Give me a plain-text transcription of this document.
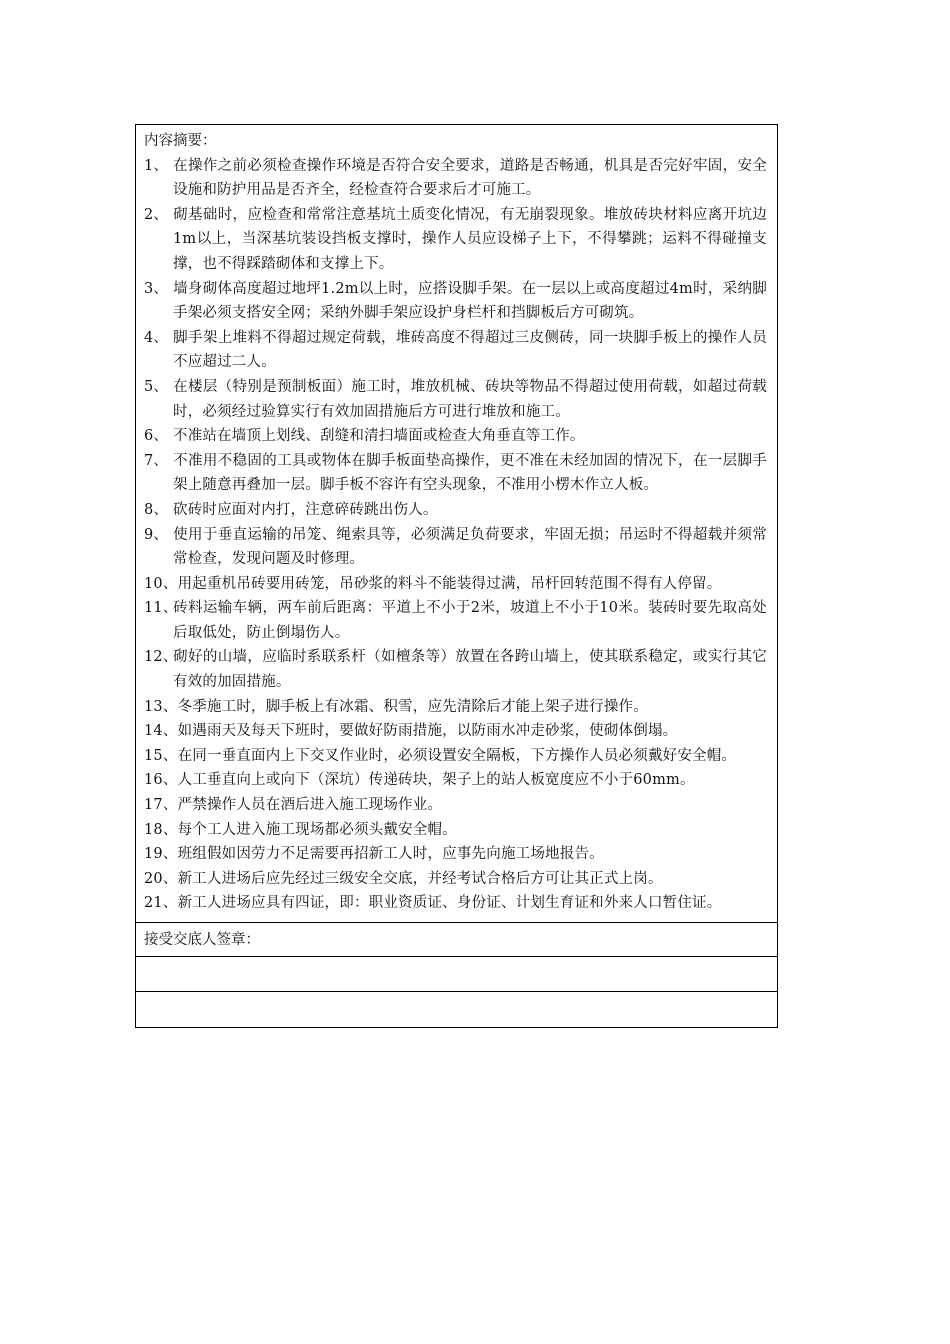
内容摘要：
1、 在操作之前必须检查操作环境是否符合安全要求，道路是否畅通，机具是否完好牢固，安全设施和防护用品是否齐全，经检查符合要求后才可施工。
2、 砌基础时，应检查和常常注意基坑土质变化情况，有无崩裂现象。堆放砖块材料应离开坑边1m以上，当深基坑装设挡板支撑时，操作人员应设梯子上下，不得攀跳；运料不得碰撞支撑，也不得踩踏砌体和支撑上下。
3、 墙身砌体高度超过地坪1.2m以上时，应搭设脚手架。在一层以上或高度超过4m时，采纳脚手架必须支搭安全网；采纳外脚手架应设护身栏杆和挡脚板后方可砌筑。
4、 脚手架上堆料不得超过规定荷载，堆砖高度不得超过三皮侧砖，同一块脚手板上的操作人员不应超过二人。
5、 在楼层（特别是预制板面）施工时，堆放机械、砖块等物品不得超过使用荷载，如超过荷载时，必须经过验算实行有效加固措施后方可进行堆放和施工。
6、 不准站在墙顶上划线、刮缝和清扫墙面或检查大角垂直等工作。
7、 不准用不稳固的工具或物体在脚手板面垫高操作，更不准在未经加固的情况下，在一层脚手架上随意再叠加一层。脚手板不容许有空头现象，不准用小楞木作立人板。
8、 砍砖时应面对内打，注意碎砖跳出伤人。
9、 使用于垂直运输的吊笼、绳索具等，必须满足负荷要求，牢固无损；吊运时不得超载并须常常检查，发现问题及时修理。
10、用起重机吊砖要用砖笼，吊砂浆的料斗不能装得过满，吊杆回转范围不得有人停留。
11、砖料运输车辆，两车前后距离：平道上不小于2米，坡道上不小于10米。装砖时要先取高处后取低处，防止倒塌伤人。
12、砌好的山墙，应临时系联系杆（如檀条等）放置在各跨山墙上，使其联系稳定，或实行其它有效的加固措施。
13、冬季施工时，脚手板上有冰霜、积雪，应先清除后才能上架子进行操作。
14、如遇雨天及每天下班时，要做好防雨措施，以防雨水冲走砂浆，使砌体倒塌。
15、在同一垂直面内上下交叉作业时，必须设置安全隔板，下方操作人员必须戴好安全帽。
16、人工垂直向上或向下（深坑）传递砖块，架子上的站人板宽度应不小于60mm。
17、严禁操作人员在酒后进入施工现场作业。
18、每个工人进入施工现场都必须头戴安全帽。
19、班组假如因劳力不足需要再招新工人时，应事先向施工场地报告。
20、新工人进场后应先经过三级安全交底，并经考试合格后方可让其正式上岗。
21、新工人进场应具有四证，即：职业资质证、身份证、计划生育证和外来人口暂住证。
接受交底人签章：
